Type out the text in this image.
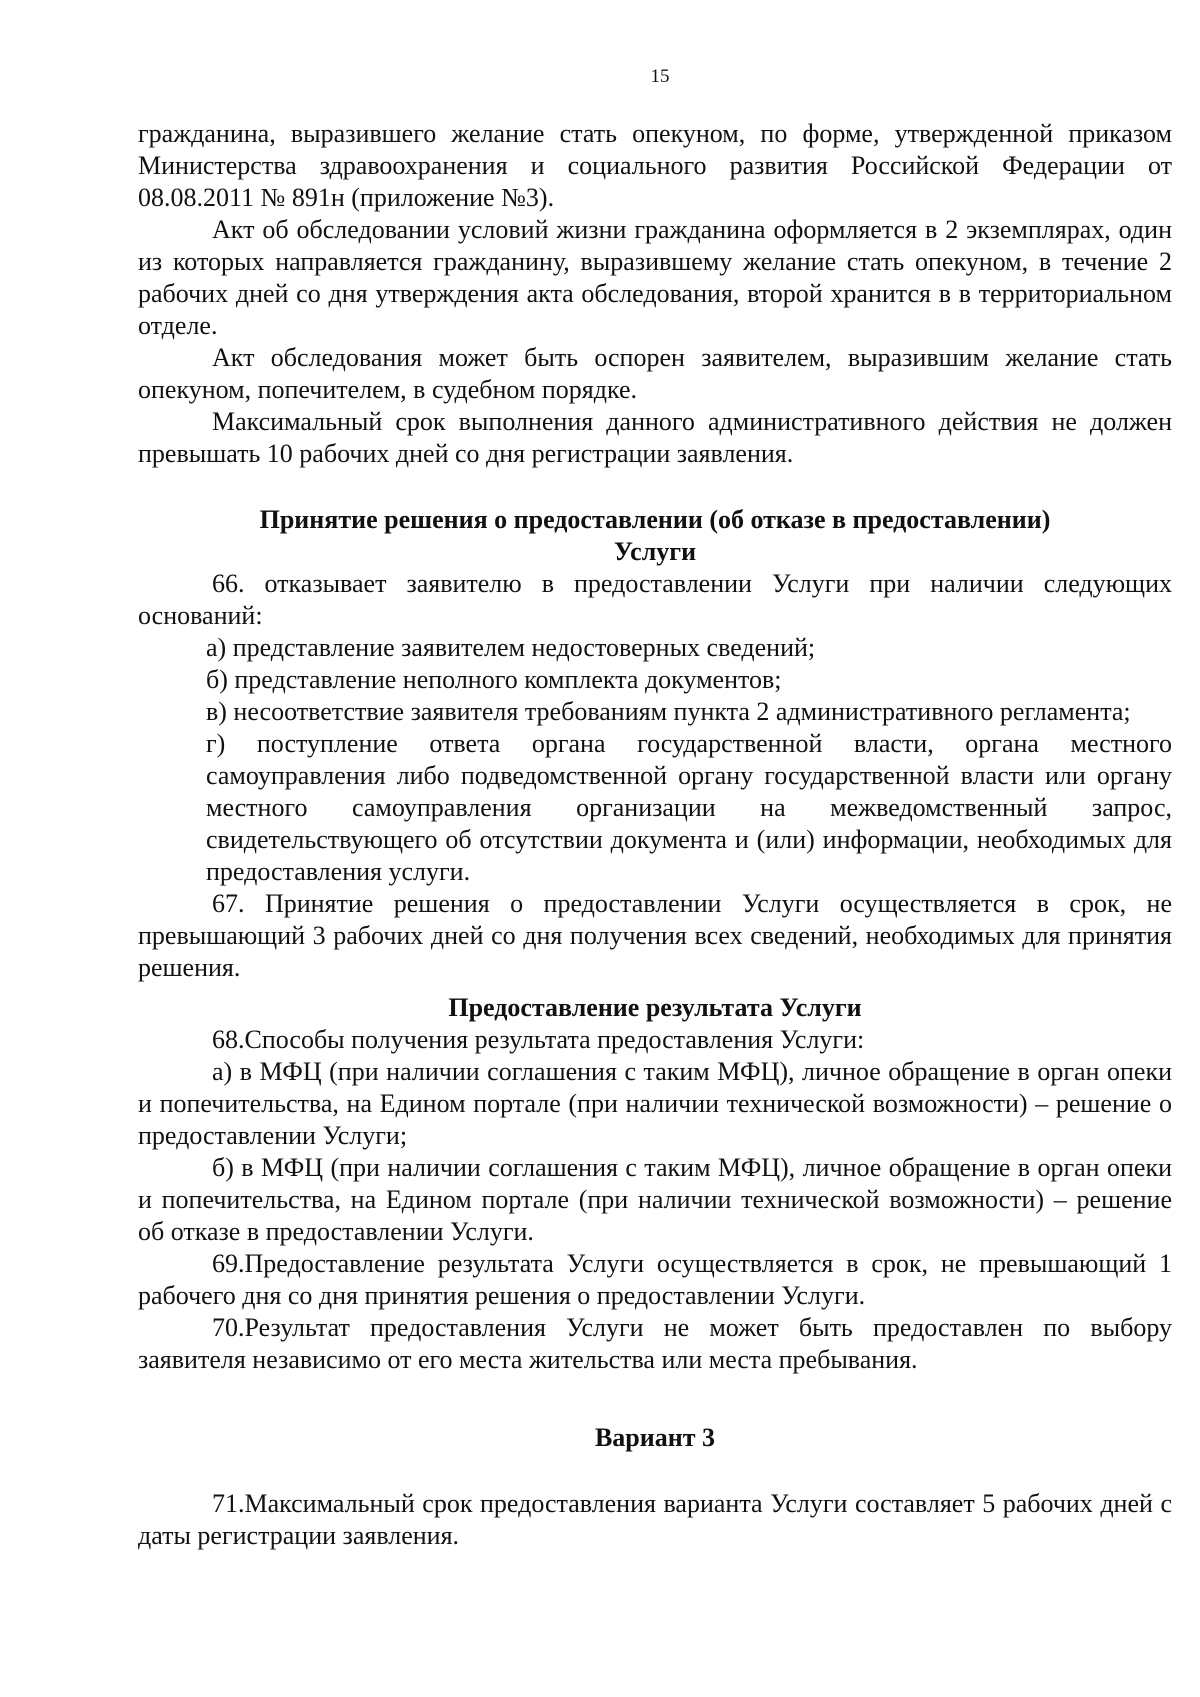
15

гражданина, выразившего желание стать опекуном, по форме, утвержденной приказом Министерства здравоохранения и социального развития Российской Федерации от 08.08.2011 № 891н (приложение №3).

Акт об обследовании условий жизни гражданина оформляется в 2 экземплярах, один из которых направляется гражданину, выразившему желание стать опекуном, в течение 2 рабочих дней со дня утверждения акта обследования, второй хранится в в территориальном отделе.

Акт обследования может быть оспорен заявителем, выразившим желание стать опекуном, попечителем, в судебном порядке.

Максимальный срок выполнения данного административного действия не должен превышать 10 рабочих дней со дня регистрации заявления.

Принятие решения о предоставлении (об отказе в предоставлении)
Услуги

66. отказывает заявителю в предоставлении Услуги при наличии следующих оснований:

а) представление заявителем недостоверных сведений;

б) представление неполного комплекта документов;

в) несоответствие заявителя требованиям пункта 2 административного регламента;

г) поступление ответа органа государственной власти, органа местного самоуправления либо подведомственной органу государственной власти или органу местного самоуправления организации на межведомственный запрос, свидетельствующего об отсутствии документа и (или) информации, необходимых для предоставления услуги.

67. Принятие решения о предоставлении Услуги осуществляется в срок, не превышающий 3 рабочих дней со дня получения всех сведений, необходимых для принятия решения.

Предоставление результата Услуги

68.Способы получения результата предоставления Услуги:

а) в МФЦ (при наличии соглашения с таким МФЦ), личное обращение в орган опеки и попечительства, на Едином портале (при наличии технической возможности) – решение о предоставлении Услуги;

б) в МФЦ (при наличии соглашения с таким МФЦ), личное обращение в орган опеки и попечительства, на Едином портале (при наличии технической возможности) – решение об отказе в предоставлении Услуги.

69.Предоставление результата Услуги осуществляется в срок, не превышающий 1 рабочего дня со дня принятия решения о предоставлении Услуги.

70.Результат предоставления Услуги не может быть предоставлен по выбору заявителя независимо от его места жительства или места пребывания.

Вариант 3

71.Максимальный срок предоставления варианта Услуги составляет 5 рабочих дней с даты регистрации заявления.
